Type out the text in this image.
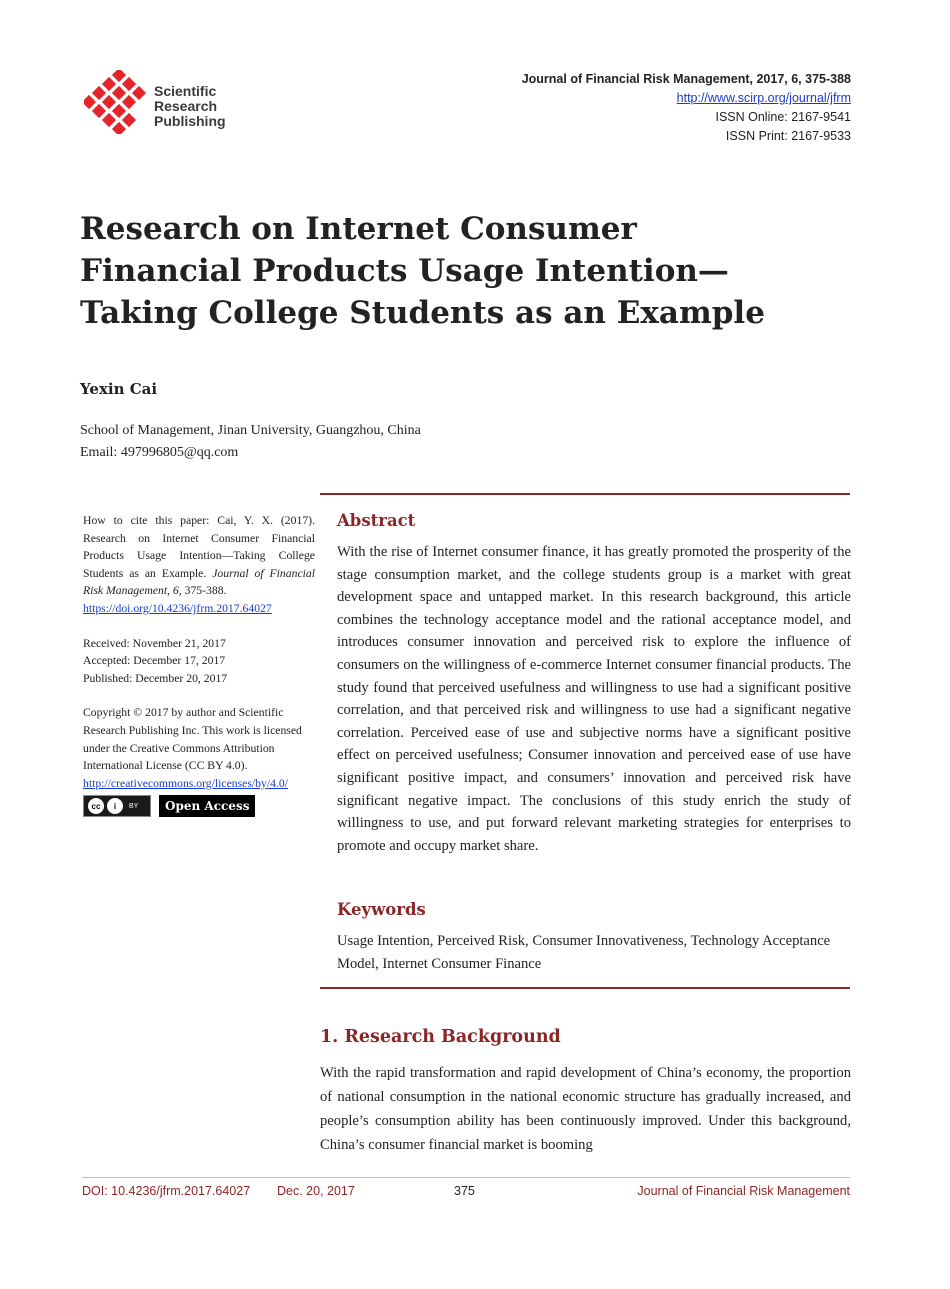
Scientific
Research
Publishing
Journal of Financial Risk Management, 2017, 6, 375-388
http://www.scirp.org/journal/jfrm
ISSN Online: 2167-9541
ISSN Print: 2167-9533
Research on Internet Consumer Financial Products Usage Intention—Taking College Students as an Example
Yexin Cai
School of Management, Jinan University, Guangzhou, China
Email: 497996805@qq.com

How to cite this paper: Cai, Y. X. (2017). Research on Internet Consumer Financial Products Usage Intention—Taking College Students as an Example. Journal of Financial Risk Management, 6, 375-388.

https://doi.org/10.4236/jfrm.2017.64027

Received: November 21, 2017

Accepted: December 17, 2017

Published: December 20, 2017

Copyright © 2017 by author and Scientific Research Publishing Inc. This work is licensed under the Creative Commons Attribution International License (CC BY 4.0).

http://creativecommons.org/licenses/by/4.0/

cc	i	BY	Open Access
Abstract

With the rise of Internet consumer finance, it has greatly promoted the prosperity of the stage consumption market, and the college students group is a market with great development space and untapped market. In this research background, this article combines the technology acceptance model and the rational acceptance model, and introduces consumer innovation and perceived risk to explore the influence of consumers on the willingness of e-commerce Internet consumer financial products. The study found that perceived usefulness and willingness to use had a significant positive correlation, and that perceived risk and willingness to use had a significant negative correlation. Perceived ease of use and subjective norms have a significant positive effect on perceived usefulness; Consumer innovation and perceived ease of use have significant positive impact, and consumers’ innovation and perceived risk have significant negative impact. The conclusions of this study enrich the study of willingness to use, and put forward relevant marketing strategies for enterprises to promote and occupy market share.

Keywords

Usage Intention, Perceived Risk, Consumer Innovativeness, Technology Acceptance Model, Internet Consumer Finance

1. Research Background

With the rapid transformation and rapid development of China’s economy, the proportion of national consumption in the national economic structure has gradually increased, and people’s consumption ability has been continuously improved. Under this background, China’s consumer financial market is booming

DOI: 10.4236/jfrm.2017.64027 Dec. 20, 2017	375	Journal of Financial Risk Management
